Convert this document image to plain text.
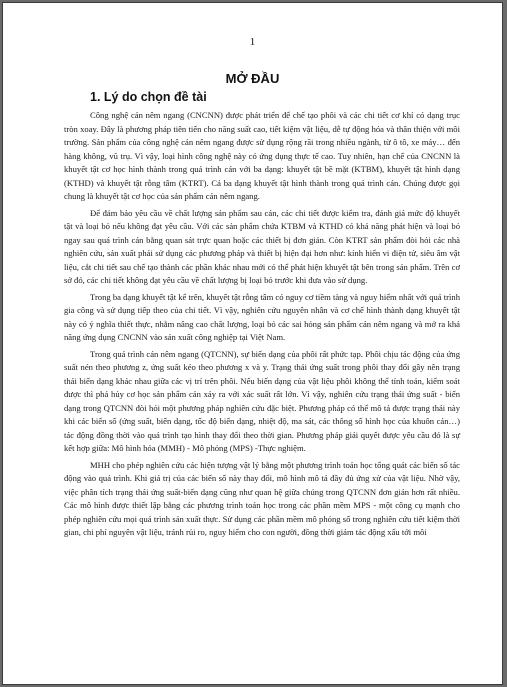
1
MỞ ĐẦU
1. Lý do chọn đề tài

Công nghệ cán nêm ngang (CNCNN) được phát triển để chế tạo phôi và các chi tiết cơ khí có dạng trục tròn xoay. Đây là phương pháp tiên tiến cho năng suất cao, tiết kiệm vật liệu, dễ tự động hóa và thân thiện với môi trường. Sản phẩm của công nghệ cán nêm ngang được sử dụng rộng rãi trong nhiều ngành, từ ô tô, xe máy… đến hàng không, vũ trụ. Vì vậy, loại hình công nghệ này có ứng dụng thực tế cao. Tuy nhiên, hạn chế của CNCNN là khuyết tật cơ học hình thành trong quá trình cán với ba dạng: khuyết tật bề mặt (KTBM), khuyết tật hình dạng (KTHD) và khuyết tật rỗng tâm (KTRT). Cả ba dạng khuyết tật hình thành trong quá trình cán. Chúng được gọi chung là khuyết tật cơ học của sản phẩm cán nêm ngang.

Để đảm bảo yêu cầu về chất lượng sản phẩm sau cán, các chi tiết được kiểm tra, đánh giá mức độ khuyết tật và loại bỏ nếu không đạt yêu cầu. Với các sản phẩm chứa KTBM và KTHD có khả năng phát hiện và loại bỏ ngay sau quá trình cán bằng quan sát trực quan hoặc các thiết bị đơn giản. Còn KTRT sản phẩm đòi hỏi các nhà nghiên cứu, sản xuất phải sử dụng các phương pháp và thiết bị hiện đại hơn như: kính hiển vi điện tử, siêu âm vật liệu, cắt chi tiết sau chế tạo thành các phần khác nhau mới có thể phát hiện khuyết tật bên trong sản phẩm. Trên cơ sở đó, các chi tiết không đạt yêu cầu về chất lượng bị loại bỏ trước khi đưa vào sử dụng.

Trong ba dạng khuyết tật kể trên, khuyết tật rỗng tâm có nguy cơ tiềm tàng và nguy hiểm nhất với quá trình gia công và sử dụng tiếp theo của chi tiết. Vì vậy, nghiên cứu nguyên nhân và cơ chế hình thành dạng khuyết tật này có ý nghĩa thiết thực, nhằm nâng cao chất lượng, loại bỏ các sai hỏng sản phẩm cán nêm ngang và mở ra khả năng ứng dụng CNCNN vào sản xuất công nghiệp tại Việt Nam.

Trong quá trình cán nêm ngang (QTCNN), sự biến dạng của phôi rất phức tạp. Phôi chịu tác động của ứng suất nén theo phương z, ứng suất kéo theo phương x và y. Trạng thái ứng suất trong phôi thay đổi gây nên trạng thái biến dạng khác nhau giữa các vị trí trên phôi. Nếu biến dạng của vật liệu phôi không thể tính toán, kiểm soát được thì phá hủy cơ học sản phẩm cán xảy ra với xác suất rất lớn. Vì vậy, nghiên cứu trạng thái ứng suất - biến dạng trong QTCNN đòi hỏi một phương pháp nghiên cứu đặc biệt. Phương pháp có thể mô tả được trạng thái này khi các biến số (ứng suất, biến dạng, tốc độ biến dạng, nhiệt độ, ma sát, các thông số hình học của khuôn cán…) tác động đồng thời vào quá trình tạo hình thay đổi theo thời gian. Phương pháp giải quyết được yêu cầu đó là sự kết hợp giữa: Mô hình hóa (MMH) - Mô phỏng (MPS) -Thực nghiệm.

MHH cho phép nghiên cứu các hiện tượng vật lý bằng một phương trình toán học tổng quát các biến số tác động vào quá trình. Khi giá trị của các biến số này thay đổi, mô hình mô tả đầy đủ ứng xử của vật liệu. Nhờ vậy, việc phân tích trạng thái ứng suất-biến dạng cũng như quan hệ giữa chúng trong QTCNN đơn giản hơn rất nhiều. Các mô hình được thiết lập bằng các phương trình toán học trong các phần mềm MPS - một công cụ mạnh cho phép nghiên cứu mọi quá trình sản xuất thực. Sử dụng các phần mềm mô phỏng số trong nghiên cứu tiết kiệm thời gian, chi phí nguyên vật liệu, tránh rủi ro, nguy hiểm cho con người, đồng thời giảm tác động xấu tới môi
